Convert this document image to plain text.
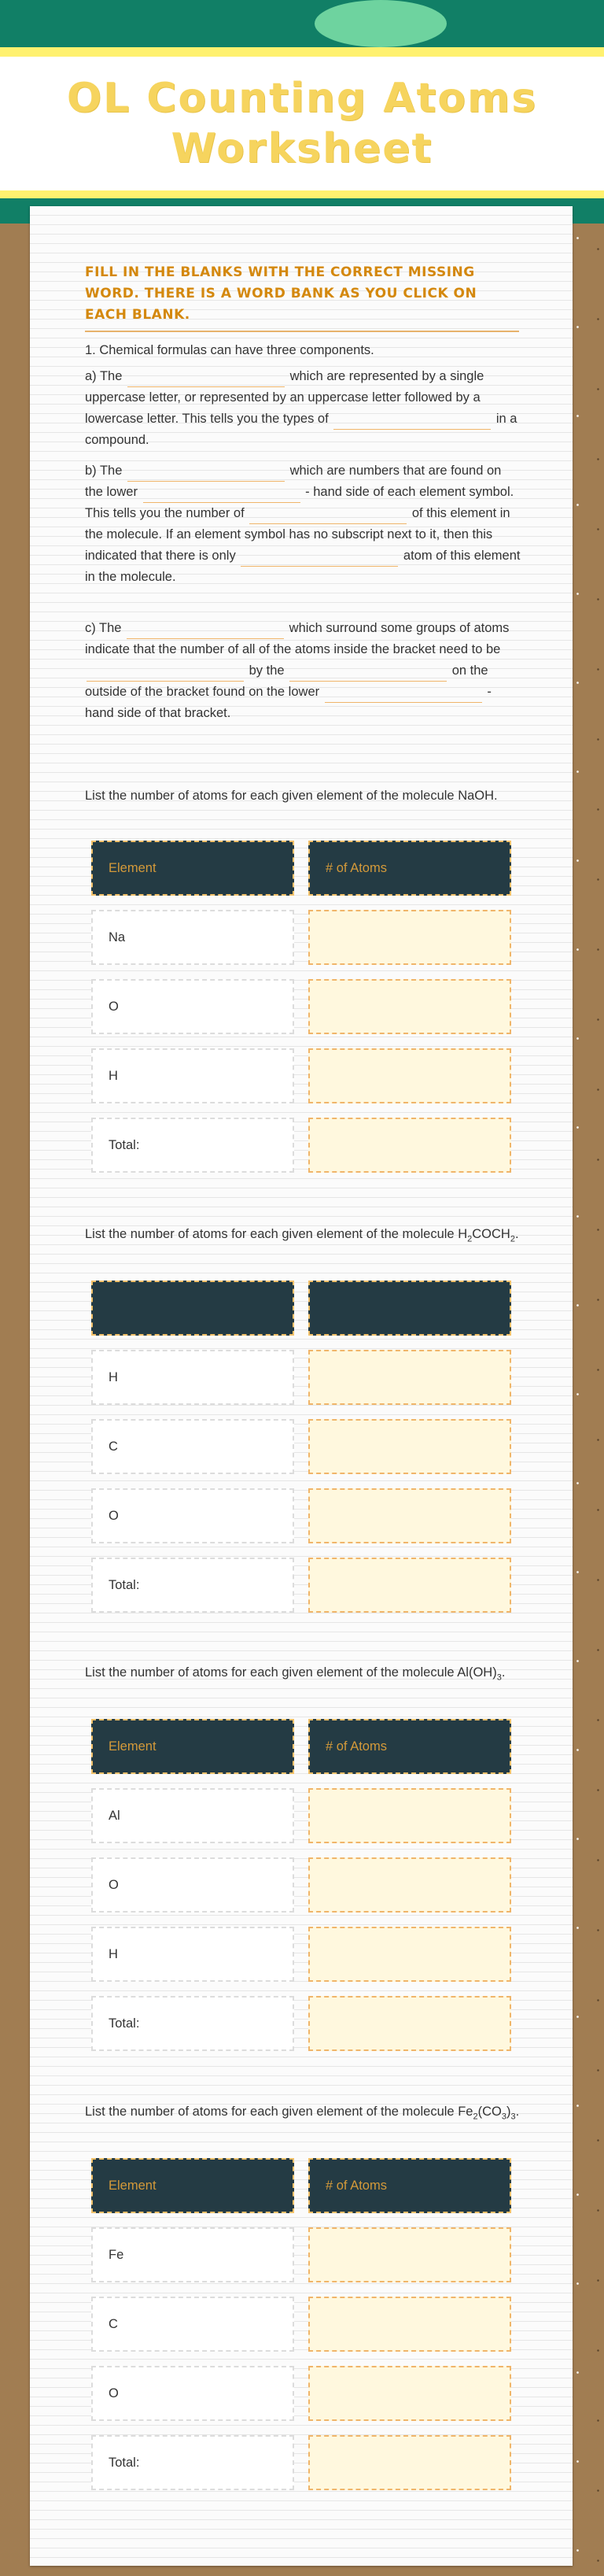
OL Counting Atoms Worksheet
FILL IN THE BLANKS WITH THE CORRECT MISSING WORD. THERE IS A WORD BANK AS YOU CLICK ON EACH BLANK.
1. Chemical formulas can have three components.
a) The	which are represented by a single uppercase letter, or represented by an uppercase letter followed by a lowercase letter. This tells you the types of	in a compound.
b) The	which are numbers that are found on the lower	- hand side of each element symbol. This tells you the number of	of this element in the molecule. If an element symbol has no subscript next to it, then this indicated that there is only	atom of this element in the molecule.
c) The	which surround some groups of atoms indicate that the number of all of the atoms inside the bracket need to be  by the	on the outside of the bracket found on the lower	- hand side of that bracket.
List the number of atoms for each given element of the molecule NaOH.
Element	# of Atoms
Na
O
H
Total:
List the number of atoms for each given element of the molecule $H_2COCH_2$.
H
C
O
Total:
List the number of atoms for each given element of the molecule $Al(OH)_3$.
Element	# of Atoms
Al
O
H
Total:
List the number of atoms for each given element of the molecule $Fe_2(CO_3)_3$.
Element	# of Atoms
Fe
C
O
Total:
